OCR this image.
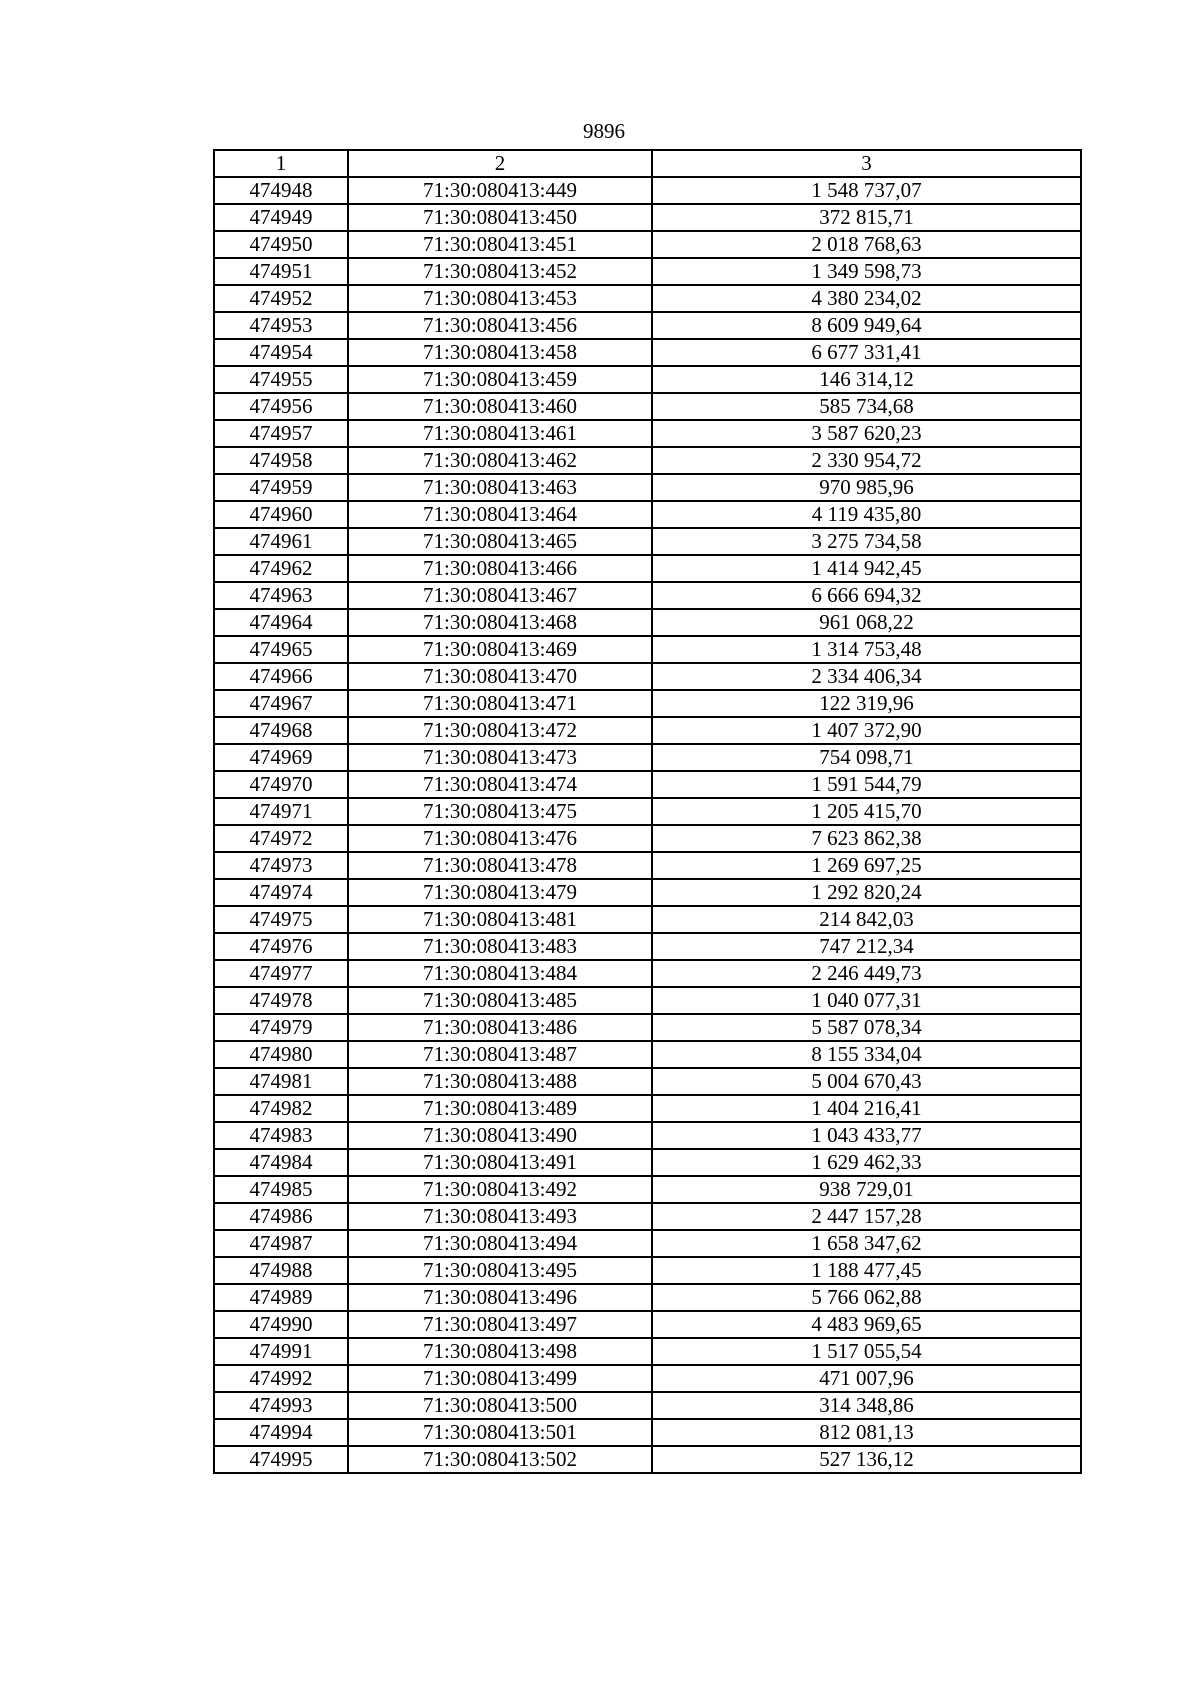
9896
1	2	3
474948	71:30:080413:449	1 548 737,07
474949	71:30:080413:450	372 815,71
474950	71:30:080413:451	2 018 768,63
474951	71:30:080413:452	1 349 598,73
474952	71:30:080413:453	4 380 234,02
474953	71:30:080413:456	8 609 949,64
474954	71:30:080413:458	6 677 331,41
474955	71:30:080413:459	146 314,12
474956	71:30:080413:460	585 734,68
474957	71:30:080413:461	3 587 620,23
474958	71:30:080413:462	2 330 954,72
474959	71:30:080413:463	970 985,96
474960	71:30:080413:464	4 119 435,80
474961	71:30:080413:465	3 275 734,58
474962	71:30:080413:466	1 414 942,45
474963	71:30:080413:467	6 666 694,32
474964	71:30:080413:468	961 068,22
474965	71:30:080413:469	1 314 753,48
474966	71:30:080413:470	2 334 406,34
474967	71:30:080413:471	122 319,96
474968	71:30:080413:472	1 407 372,90
474969	71:30:080413:473	754 098,71
474970	71:30:080413:474	1 591 544,79
474971	71:30:080413:475	1 205 415,70
474972	71:30:080413:476	7 623 862,38
474973	71:30:080413:478	1 269 697,25
474974	71:30:080413:479	1 292 820,24
474975	71:30:080413:481	214 842,03
474976	71:30:080413:483	747 212,34
474977	71:30:080413:484	2 246 449,73
474978	71:30:080413:485	1 040 077,31
474979	71:30:080413:486	5 587 078,34
474980	71:30:080413:487	8 155 334,04
474981	71:30:080413:488	5 004 670,43
474982	71:30:080413:489	1 404 216,41
474983	71:30:080413:490	1 043 433,77
474984	71:30:080413:491	1 629 462,33
474985	71:30:080413:492	938 729,01
474986	71:30:080413:493	2 447 157,28
474987	71:30:080413:494	1 658 347,62
474988	71:30:080413:495	1 188 477,45
474989	71:30:080413:496	5 766 062,88
474990	71:30:080413:497	4 483 969,65
474991	71:30:080413:498	1 517 055,54
474992	71:30:080413:499	471 007,96
474993	71:30:080413:500	314 348,86
474994	71:30:080413:501	812 081,13
474995	71:30:080413:502	527 136,12
